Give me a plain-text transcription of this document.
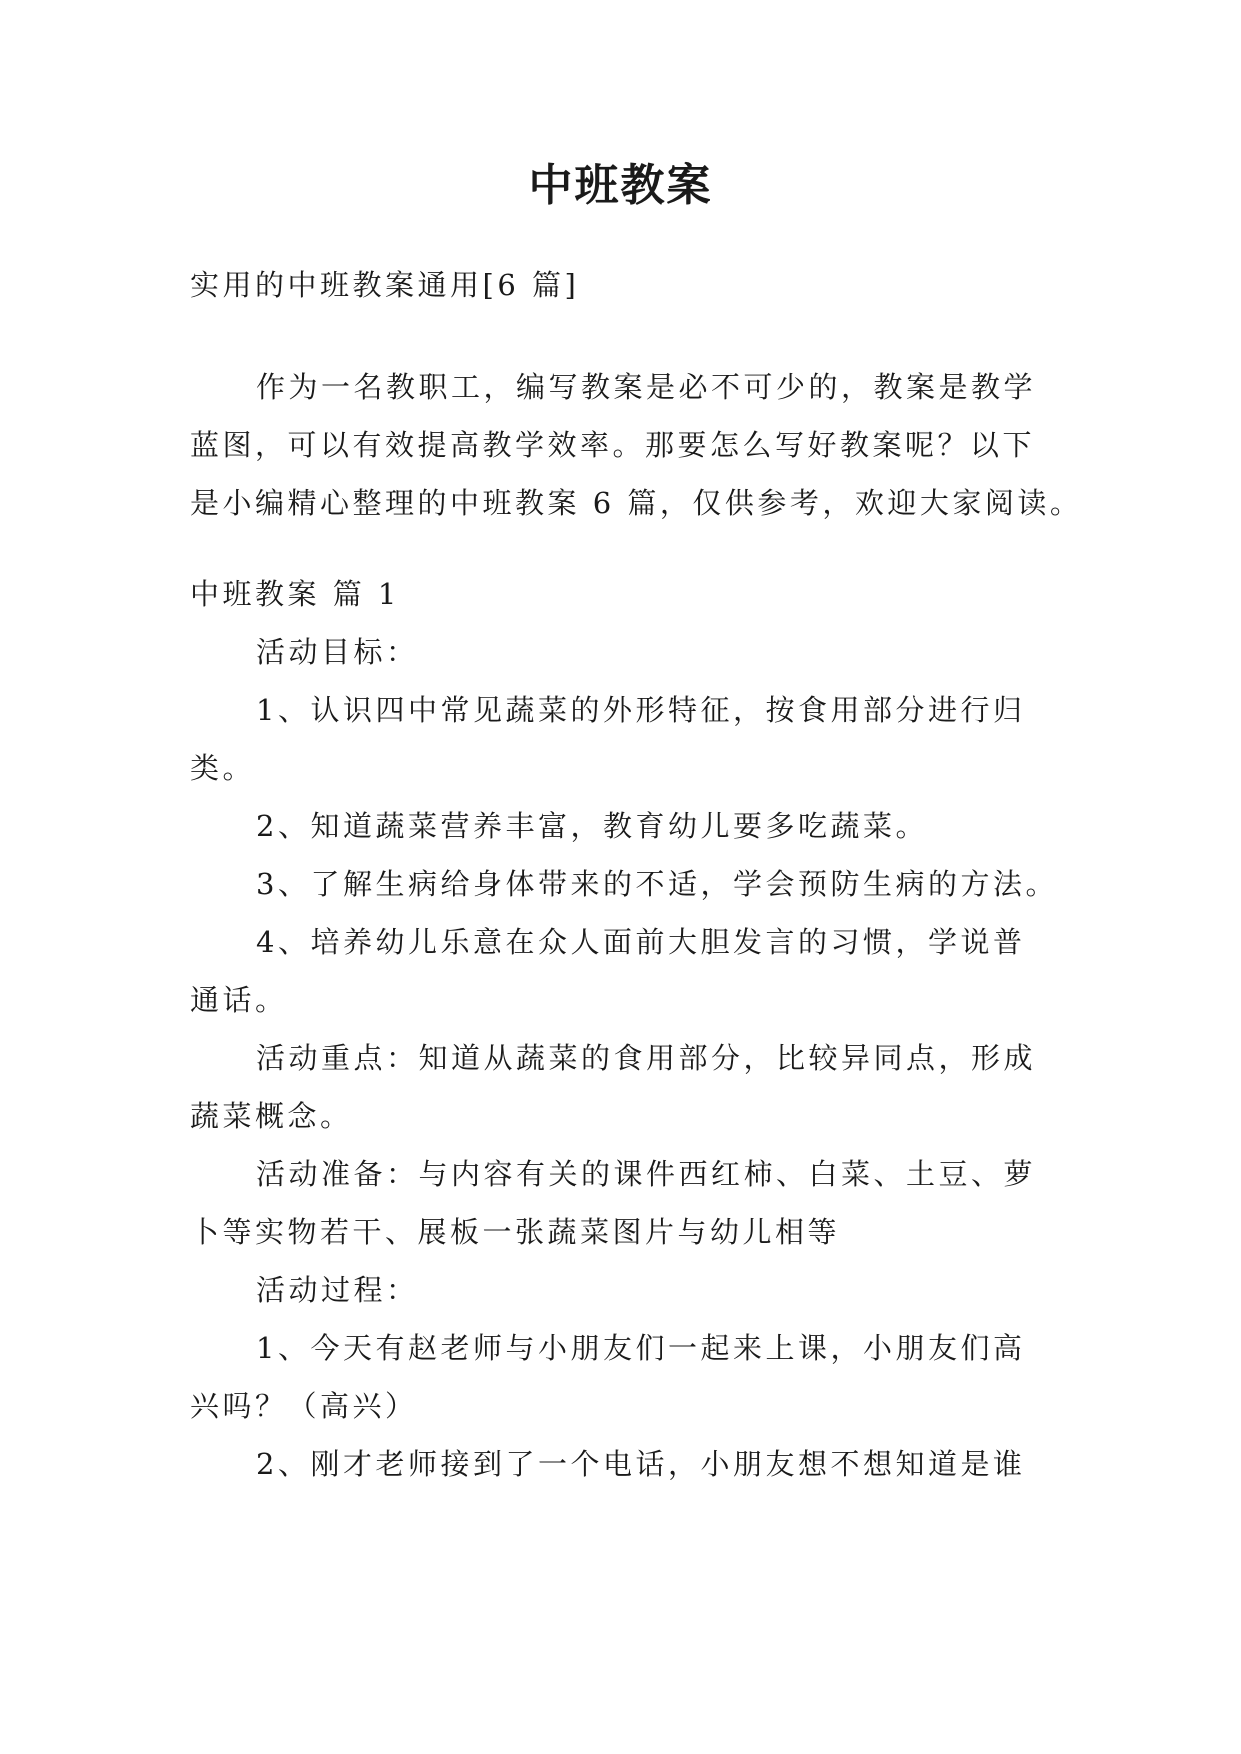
中班教案
实用的中班教案通用[6 篇]
作为一名教职工，编写教案是必不可少的，教案是教学
蓝图，可以有效提高教学效率。那要怎么写好教案呢？以下
是小编精心整理的中班教案 6 篇，仅供参考，欢迎大家阅读。
中班教案 篇 1
活动目标：
1、认识四中常见蔬菜的外形特征，按食用部分进行归
类。
2、知道蔬菜营养丰富，教育幼儿要多吃蔬菜。
3、了解生病给身体带来的不适，学会预防生病的方法。
4、培养幼儿乐意在众人面前大胆发言的习惯，学说普
通话。
活动重点：知道从蔬菜的食用部分，比较异同点，形成
蔬菜概念。
活动准备：与内容有关的课件西红柿、白菜、土豆、萝
卜等实物若干、展板一张蔬菜图片与幼儿相等
活动过程：
1、今天有赵老师与小朋友们一起来上课，小朋友们高
兴吗？（高兴）
2、刚才老师接到了一个电话，小朋友想不想知道是谁
